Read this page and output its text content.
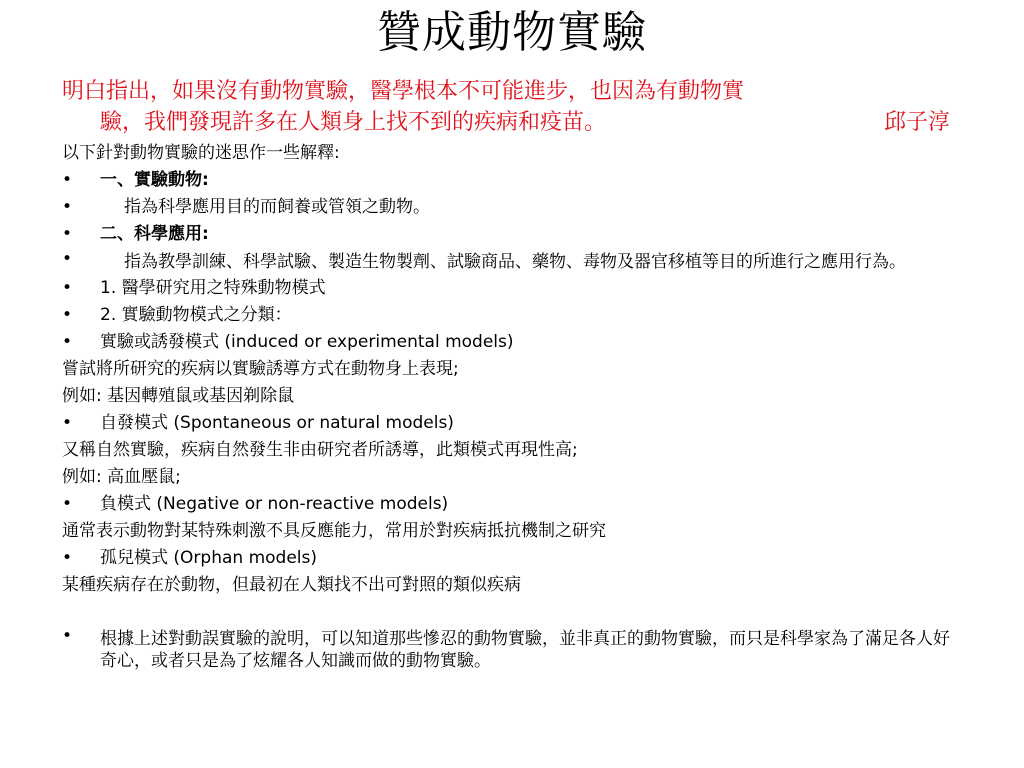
贊成動物實驗
明白指出，如果沒有動物實驗，醫學根本不可能進步，也因為有動物實
驗，我們發現許多在人類身上找不到的疾病和疫苗。	邱子淳
以下針對動物實驗的迷思作一些解釋:
•	一、實驗動物:
•	指為科學應用目的而飼養或管領之動物。
•	二、科學應用:
•	指為教學訓練、科學試驗、製造生物製劑、試驗商品、藥物、毒物及器官移植等目的所進行之應用行為。
•	1. 醫學研究用之特殊動物模式
•	2. 實驗動物模式之分類：
•	實驗或誘發模式 (induced or experimental models)
嘗試將所研究的疾病以實驗誘導方式在動物身上表現;
例如: 基因轉殖鼠或基因剃除鼠
•	自發模式 (Spontaneous or natural models)
又稱自然實驗，疾病自然發生非由研究者所誘導，此類模式再現性高;
例如: 高血壓鼠;
•	負模式 (Negative or non-reactive models)
通常表示動物對某特殊刺激不具反應能力，常用於對疾病抵抗機制之研究
•	孤兒模式 (Orphan models)
某種疾病存在於動物，但最初在人類找不出可對照的類似疾病
•	根據上述對動誤實驗的說明，可以知道那些慘忍的動物實驗，並非真正的動物實驗，而只是科學家為了滿足各人好奇心，或者只是為了炫耀各人知識而做的動物實驗。
